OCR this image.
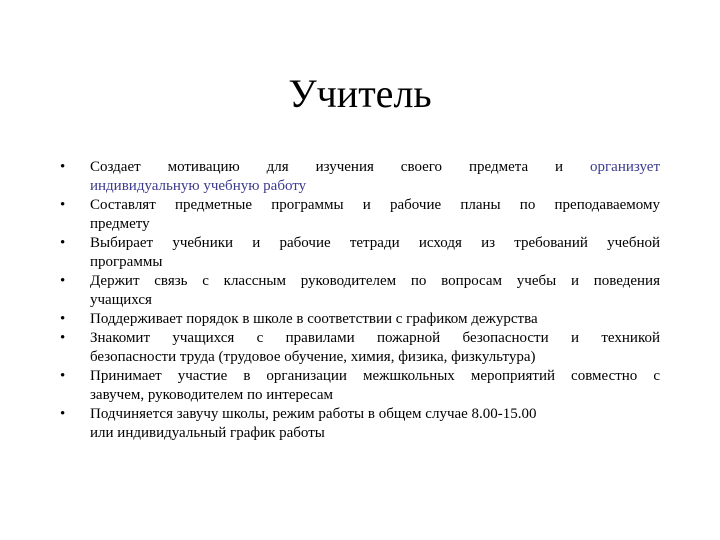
Учитель
•	Создает мотивацию для изучения своего предмета и организует
индивидуальную учебную работу
•	Составлят предметные программы и рабочие планы по преподаваемому
предмету
•	Выбирает учебники и рабочие тетради исходя из требований учебной
программы
•	Держит связь с классным руководителем по вопросам учебы и поведения
учащихся
•	Поддерживает порядок в школе в соответствии с графиком дежурства
•	Знакомит учащихся с правилами пожарной безопасности и техникой
безопасности труда (трудовое обучение, химия, физика, физкультура)
•	Принимает участие в организации межшкольных мероприятий совместно с
завучем, руководителем по интересам
•	Подчиняется завучу школы, режим работы в общем случае 8.00-15.00
или индивидуальный график работы
